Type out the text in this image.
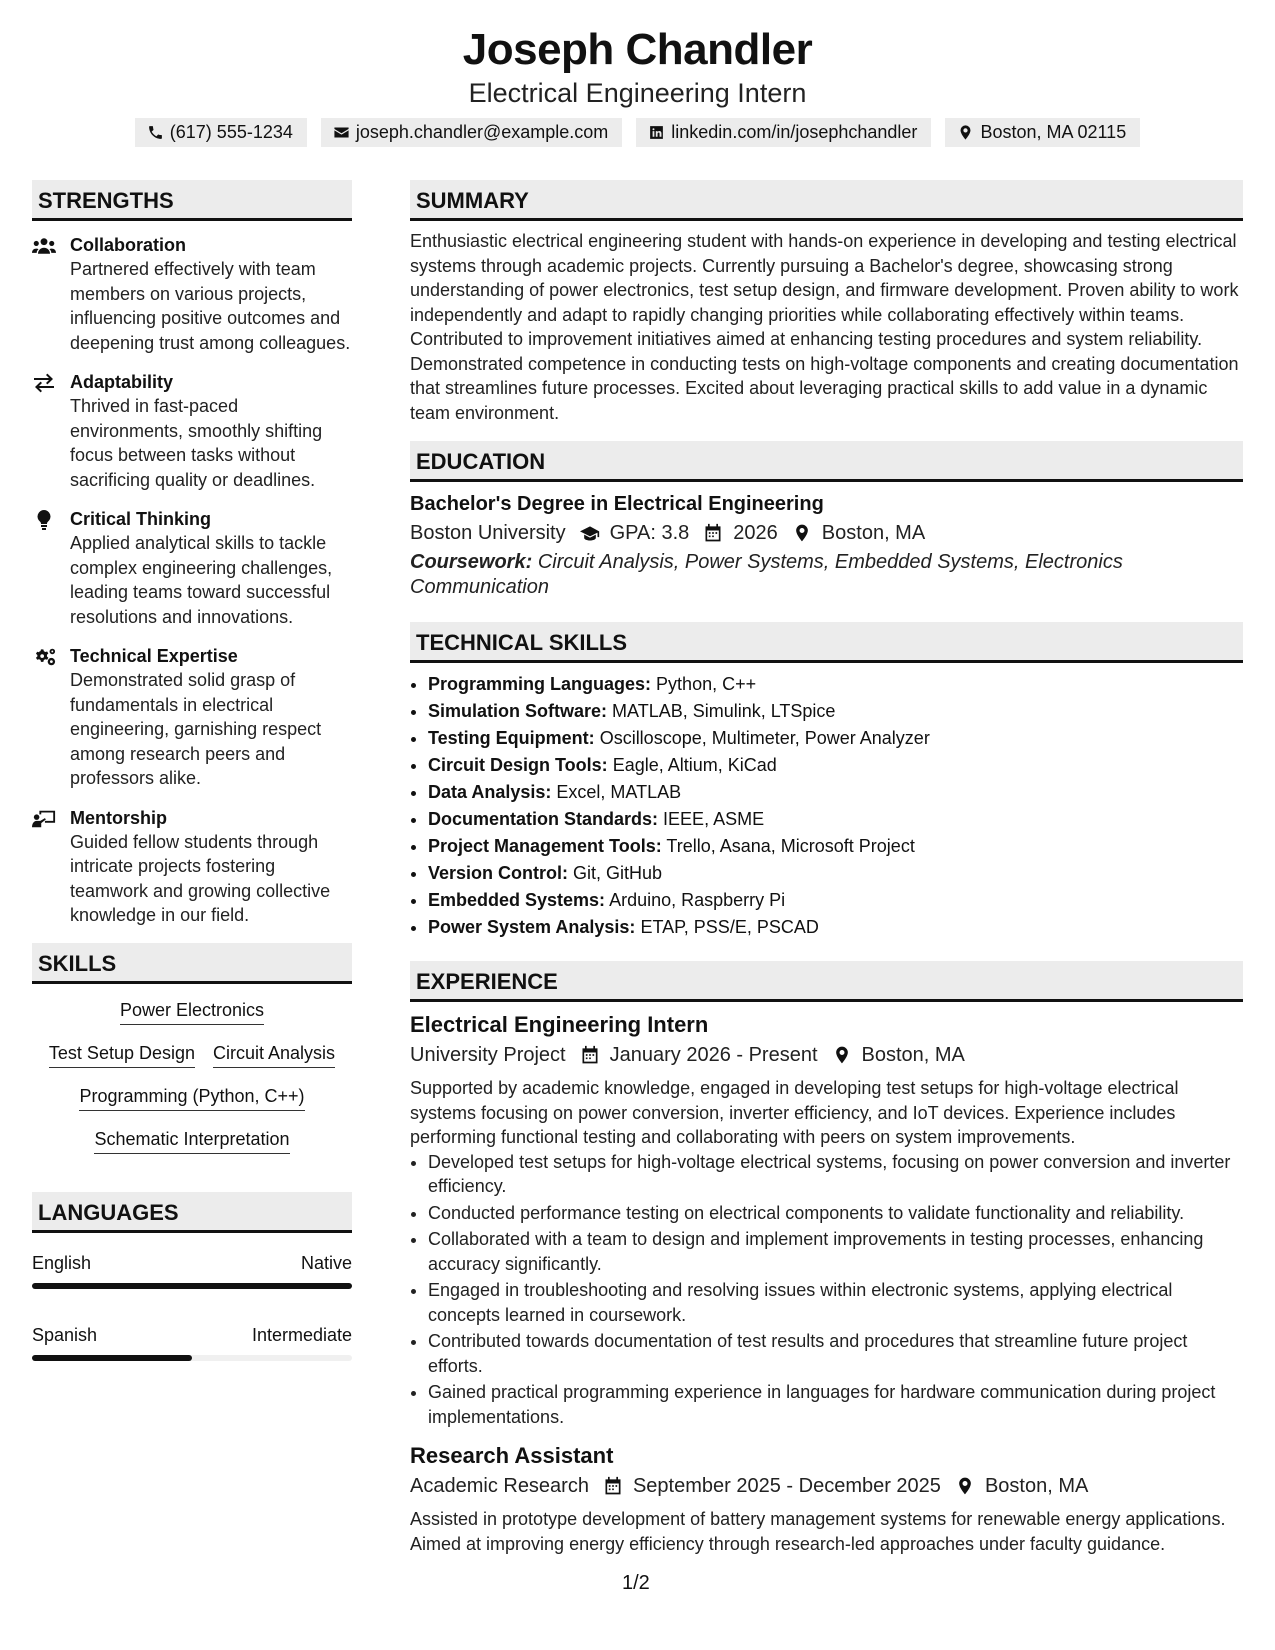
Joseph Chandler
Electrical Engineering Intern
(617) 555-1234	joseph.chandler@example.com	linkedin.com/in/josephchandler	Boston, MA 02115
STRENGTHS
Collaboration
Partnered effectively with team members on various projects, influencing positive outcomes and deepening trust among colleagues.
Adaptability
Thrived in fast-paced environments, smoothly shifting focus between tasks without sacrificing quality or deadlines.
Critical Thinking
Applied analytical skills to tackle complex engineering challenges, leading teams toward successful resolutions and innovations.
Technical Expertise
Demonstrated solid grasp of fundamentals in electrical engineering, garnishing respect among research peers and professors alike.
Mentorship
Guided fellow students through intricate projects fostering teamwork and growing collective knowledge in our field.
SKILLS
Power Electronics
Test Setup Design Circuit Analysis
Programming (Python, C++)
Schematic Interpretation
LANGUAGES
English	Native
Spanish	Intermediate
SUMMARY
Enthusiastic electrical engineering student with hands-on experience in developing and testing electrical systems through academic projects. Currently pursuing a Bachelor's degree, showcasing strong understanding of power electronics, test setup design, and firmware development. Proven ability to work independently and adapt to rapidly changing priorities while collaborating effectively within teams. Contributed to improvement initiatives aimed at enhancing testing procedures and system reliability. Demonstrated competence in conducting tests on high-voltage components and creating documentation that streamlines future processes. Excited about leveraging practical skills to add value in a dynamic team environment.
EDUCATION
Bachelor's Degree in Electrical Engineering
Boston University GPA: 3.8 2026 Boston, MA
Coursework: Circuit Analysis, Power Systems, Embedded Systems, Electronics Communication
TECHNICAL SKILLS
• Programming Languages: Python, C++
• Simulation Software: MATLAB, Simulink, LTSpice
• Testing Equipment: Oscilloscope, Multimeter, Power Analyzer
• Circuit Design Tools: Eagle, Altium, KiCad
• Data Analysis: Excel, MATLAB
• Documentation Standards: IEEE, ASME
• Project Management Tools: Trello, Asana, Microsoft Project
• Version Control: Git, GitHub
• Embedded Systems: Arduino, Raspberry Pi
• Power System Analysis: ETAP, PSS/E, PSCAD
EXPERIENCE
Electrical Engineering Intern
University Project January 2026 - Present Boston, MA
Supported by academic knowledge, engaged in developing test setups for high-voltage electrical systems focusing on power conversion, inverter efficiency, and IoT devices. Experience includes performing functional testing and collaborating with peers on system improvements.
• Developed test setups for high-voltage electrical systems, focusing on power conversion and inverter efficiency.
• Conducted performance testing on electrical components to validate functionality and reliability.
• Collaborated with a team to design and implement improvements in testing processes, enhancing accuracy significantly.
• Engaged in troubleshooting and resolving issues within electronic systems, applying electrical concepts learned in coursework.
• Contributed towards documentation of test results and procedures that streamline future project efforts.
• Gained practical programming experience in languages for hardware communication during project implementations.
Research Assistant
Academic Research September 2025 - December 2025 Boston, MA
Assisted in prototype development of battery management systems for renewable energy applications. Aimed at improving energy efficiency through research-led approaches under faculty guidance.
1/2
